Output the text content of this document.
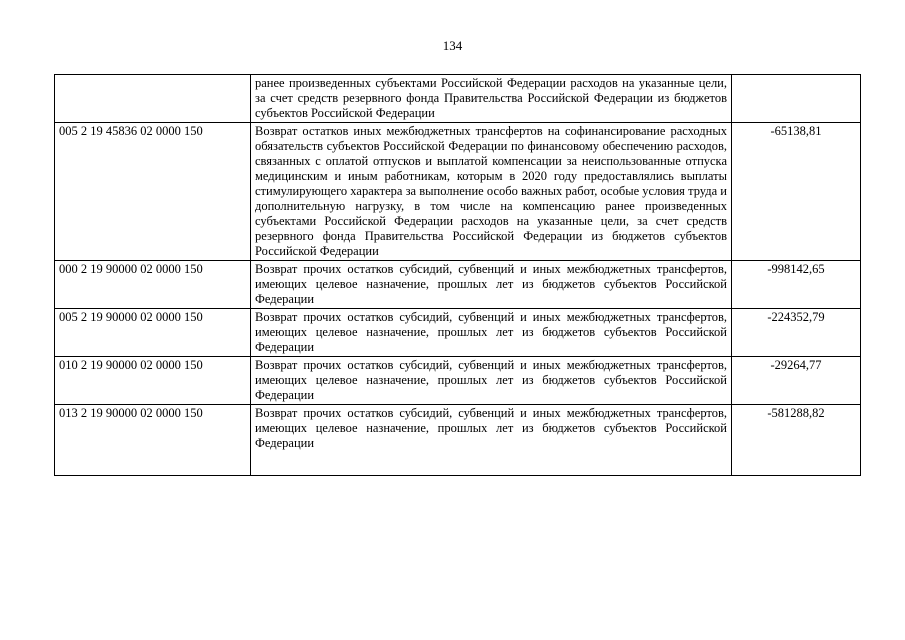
134
	ранее произведенных субъектами Российской Федерации расходов на указанные цели, за счет средств резервного фонда Правительства Российской Федерации из бюджетов субъектов Российской Федерации	
005 2 19 45836 02 0000 150	Возврат остатков иных межбюджетных трансфертов на софинансирование расходных обязательств субъектов Российской Федерации по финансовому обеспечению расходов, связанных с оплатой отпусков и выплатой компенсации за неиспользованные отпуска медицинским и иным работникам, которым в 2020 году предоставлялись выплаты стимулирующего характера за выполнение особо важных работ, особые условия труда и дополнительную нагрузку, в том числе на компенсацию ранее произведенных субъектами Российской Федерации расходов на указанные цели, за счет средств резервного фонда Правительства Российской Федерации из бюджетов субъектов Российской Федерации	-65138,81
000 2 19 90000 02 0000 150	Возврат прочих остатков субсидий, субвенций и иных межбюджетных трансфертов, имеющих целевое назначение, прошлых лет из бюджетов субъектов Российской Федерации	-998142,65
005 2 19 90000 02 0000 150	Возврат прочих остатков субсидий, субвенций и иных межбюджетных трансфертов, имеющих целевое назначение, прошлых лет из бюджетов субъектов Российской Федерации	-224352,79
010 2 19 90000 02 0000 150	Возврат прочих остатков субсидий, субвенций и иных межбюджетных трансфертов, имеющих целевое назначение, прошлых лет из бюджетов субъектов Российской Федерации	-29264,77
013 2 19 90000 02 0000 150	Возврат прочих остатков субсидий, субвенций и иных межбюджетных трансфертов, имеющих целевое назначение, прошлых лет из бюджетов субъектов Российской Федерации	-581288,82
